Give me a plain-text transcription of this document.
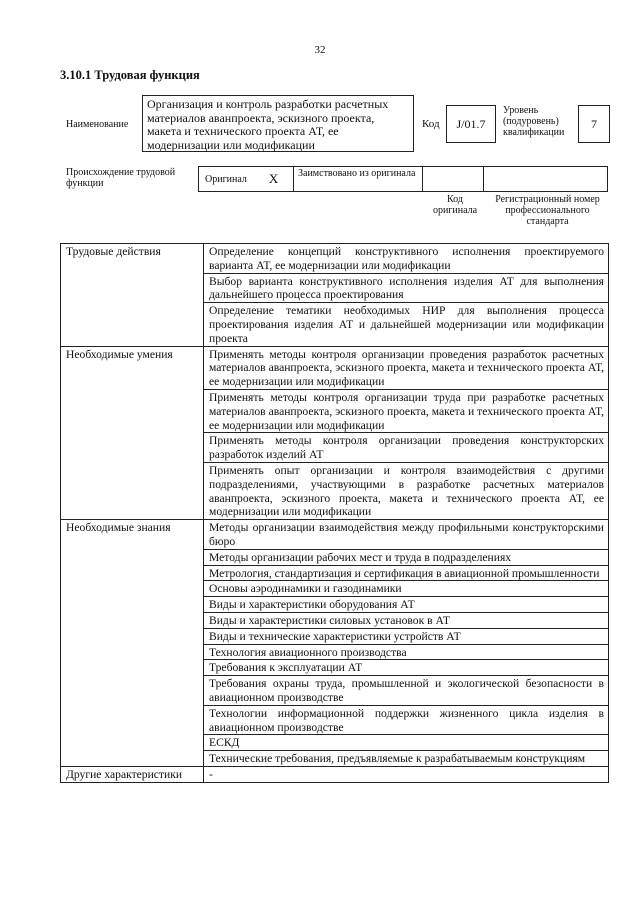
32
3.10.1 Трудовая функция
Наименование
Организация и контроль разработки расчетных материалов аванпроекта, эскизного проекта, макета и технического проекта АТ, ее модернизации или модификации
Код	J/01.7
Уровень (подуровень) квалификации
7
Происхождение трудовой функции	Оригинал X	Заимствовано из оригинала
Код оригинала
Регистрационный номер профессионального стандарта
Трудовые действия	Определение концепций конструктивного исполнения проектируемого варианта АТ, ее модернизации или модификации
	Выбор варианта конструктивного исполнения изделия АТ для выполнения дальнейшего процесса проектирования
	Определение тематики необходимых НИР для выполнения процесса проектирования изделия АТ и дальнейшей модернизации или модификации проекта
Необходимые умения	Применять методы контроля организации проведения разработок расчетных материалов аванпроекта, эскизного проекта, макета и технического проекта АТ, ее модернизации или модификации
	Применять методы контроля организации труда при разработке расчетных материалов аванпроекта, эскизного проекта, макета и технического проекта АТ, ее модернизации или модификации
	Применять методы контроля организации проведения конструкторских разработок изделий АТ
	Применять опыт организации и контроля взаимодействия с другими подразделениями, участвующими в разработке расчетных материалов аванпроекта, эскизного проекта, макета и технического проекта АТ, ее модернизации или модификации
Необходимые знания	Методы организации взаимодействия между профильными конструкторскими бюро
	Методы организации рабочих мест и труда в подразделениях
	Метрология, стандартизация и сертификация в авиационной промышленности
	Основы аэродинамики и газодинамики
	Виды и характеристики оборудования АТ
	Виды и характеристики силовых установок в АТ
	Виды и технические характеристики устройств АТ
	Технология авиационного производства
	Требования к эксплуатации АТ
	Требования охраны труда, промышленной и экологической безопасности в авиационном производстве
	Технологии информационной поддержки жизненного цикла изделия в авиационном производстве
	ЕСКД
	Технические требования, предъявляемые к разрабатываемым конструкциям
Другие характеристики	-
